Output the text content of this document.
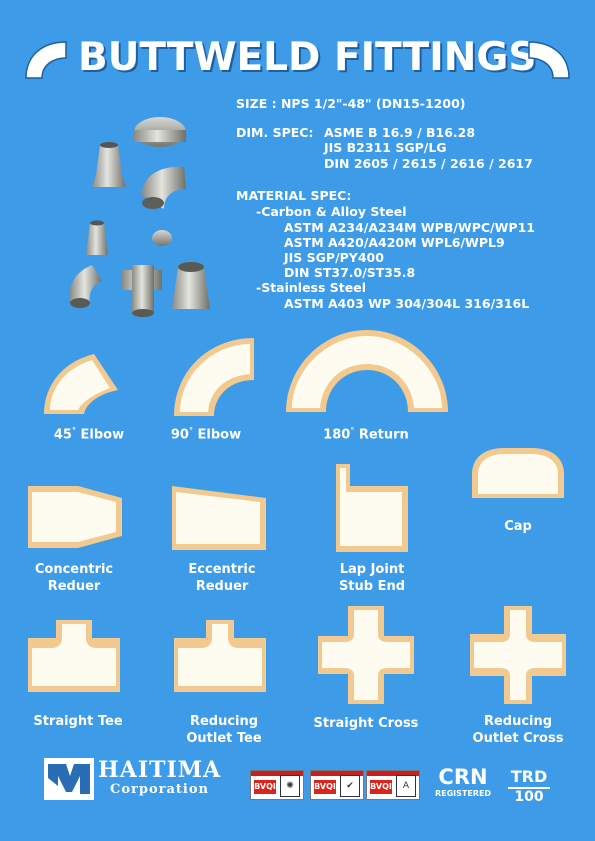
BUTTWELD FITTINGS
SIZE : NPS 1/2"-48" (DN15-1200)
DIM. SPEC: ASME B 16.9 / B16.28
JIS B2311 SGP/LG
DIN 2605 / 2615 / 2616 / 2617
MATERIAL SPEC:
-Carbon & Alloy Steel
ASTM A234/A234M WPB/WPC/WP11
ASTM A420/A420M WPL6/WPL9
JIS SGP/PY400
DIN ST37.0/ST35.8
-Stainless Steel
ASTM A403 WP 304/304L 316/316L
45° Elbow	90° Elbow	180° Return
Concentric
Reduer
Eccentric
Reduer
Lap Joint
Stub End
Cap
Straight Tee	Reducing
Outlet Tee
Straight Cross	Reducing
Outlet Cross
HAITIMA
Corporation	BVQI	✺	BVQI	✔	BVQI	A	CRN
REGISTERED
TRD
100
